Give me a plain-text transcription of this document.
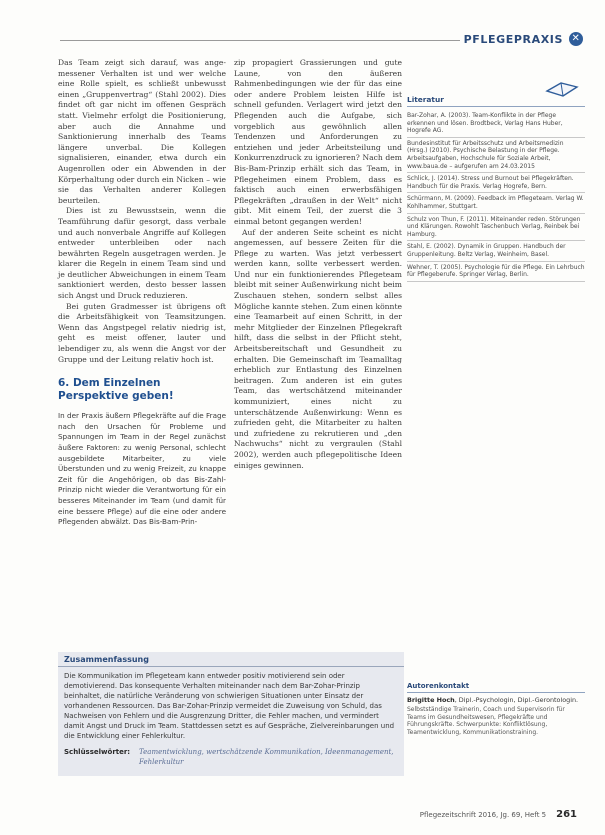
PFLEGEPRAXIS ✕

Das Team zeigt sich darauf, was ange- messener Verhalten ist und wer welche eine Rolle spielt, es schließt unbewusst einen „Gruppenvertrag“ (Stahl 2002). Dies findet oft gar nicht im offenen Gespräch statt. Vielmehr erfolgt die Positionierung, aber auch die Annahme und Sanktionierung innerhalb des Teams längere unverbal. Die Kollegen signalisieren, einander, etwa durch ein Augenrollen oder ein Abwenden in der Körperhaltung oder durch ein Nicken – wie sie das Verhalten anderer Kollegen beurteilen.

Dies ist zu Bewusstsein, wenn die Teamführung dafür gesorgt, dass verbale und auch nonverbale Angriffe auf Kollegen entweder unterbleiben oder nach bewährten Regeln ausgetragen werden. Je klarer die Regeln in einem Team sind und je deutlicher Abweichungen in einem Team sanktioniert werden, desto besser lassen sich Angst und Druck reduzieren.

Bei guten Gradmesser ist übrigens oft die Arbeitsfähigkeit von Teamsitzungen. Wenn das Angstpegel relativ niedrig ist, geht es meist offener, lauter und lebendiger zu, als wenn die Angst vor der Gruppe und der Leitung relativ hoch ist.

6. Dem Einzelnen Perspektive geben!

In der Praxis äußern Pflegekräfte auf die Frage nach den Ursachen für Probleme und Spannungen im Team in der Regel zunächst äußere Faktoren: zu wenig Personal, schlecht ausgebildete Mitarbeiter, zu viele Überstunden und zu wenig Freizeit, zu knappe Zeit für die Angehörigen, ob das Bis-Zahl-Prinzip nicht wieder die Verantwortung für ein besseres Miteinander im Team (und damit für eine bessere Pflege) auf die eine oder andere Pflegenden abwälzt. Das Bis-Bam-Prin-

zip propagiert Grassierungen und gute Laune, von den äußeren Rahmenbedingungen wie der für das eine oder andere Problem leisten Hilfe ist schnell gefunden. Verlagert wird jetzt den Pflegenden auch die Aufgabe, sich vorgeblich aus gewöhnlich allen Tendenzen und Anforderungen zu entziehen und jeder Arbeitsteilung und Konkurrenzdruck zu ignorieren? Nach dem Bis-Bam-Prinzip erhält sich das Team, in Pflegeheimen einem Problem, dass es faktisch auch einen erwerbsfähigen Pflegekräften „draußen in der Welt“ nicht gibt. Mit einem Teil, der zuerst die 3 einmal betont gegangen werden!

Auf der anderen Seite scheint es nicht angemessen, auf bessere Zeiten für die Pflege zu warten. Was jetzt verbessert werden kann, sollte verbessert werden. Und nur ein funktionierendes Pflegeteam bleibt mit seiner Außenwirkung nicht beim Zuschauen stehen, sondern selbst alles Mögliche kannte stehen. Zum einen könnte eine Teamarbeit auf einen Schritt, in der mehr Mitglieder der Einzelnen Pflegekraft hilft, dass die selbst in der Pflicht steht, Arbeitsbereitschaft und Gesundheit zu erhalten. Die Gemeinschaft im Teamalltag erheblich zur Entlastung des Einzelnen beitragen. Zum anderen ist ein gutes Team, das wertschätzend miteinander kommuniziert, eines nicht zu unterschätzende Außenwirkung: Wenn es zufrieden geht, die Mitarbeiter zu halten und zufriedene zu rekrutieren und „den Nachwuchs“ nicht zu vergraulen (Stahl 2002), werden auch pflegepolitische Ideen einiges gewinnen.

Literatur
Bar-Zohar, A. (2003). Team-Konflikte in der Pflege erkennen und lösen. Brodtbeck, Verlag Hans Huber, Hogrefe AG.
Bundesinstitut für Arbeitsschutz und Arbeitsmedizin (Hrsg.) (2010). Psychische Belastung in der Pflege. Arbeitsaufgaben, Hochschule für Soziale Arbeit, www.baua.de – aufgerufen am 24.03.2015
Schlick, J. (2014). Stress und Burnout bei Pflegekräften. Handbuch für die Praxis. Verlag Hogrefe, Bern.
Schürmann, M. (2009). Feedback im Pflegeteam. Verlag W. Kohlhammer, Stuttgart.
Schulz von Thun, F. (2011). Miteinander reden. Störungen und Klärungen. Rowohlt Taschenbuch Verlag, Reinbek bei Hamburg.
Stahl, E. (2002). Dynamik in Gruppen. Handbuch der Gruppenleitung. Beltz Verlag, Weinheim, Basel.
Wehner, T. (2005). Psychologie für die Pflege. Ein Lehrbuch für Pflegeberufe. Springer Verlag, Berlin.
Zusammenfassung
Die Kommunikation im Pflegeteam kann entweder positiv motivierend sein oder demotivierend. Das konsequente Verhalten miteinander nach dem Bar-Zohar-Prinzip beinhaltet, die natürliche Veränderung von schwierigen Situationen unter Einsatz der vorhandenen Ressourcen. Das Bar-Zohar-Prinzip vermeidet die Zuweisung von Schuld, das Nachweisen von Fehlern und die Ausgrenzung Dritter, die Fehler machen, und vermindert damit Angst und Druck im Team. Stattdessen setzt es auf Gespräche, Zielvereinbarungen und die Entwicklung einer Fehlerkultur.
Schlüsselwörter:	Teamentwicklung, wertschätzende Kommunikation, Ideenmanagement, Fehlerkultur
Autorenkontakt
Brigitte Hoch, Dipl.-Psychologin, Dipl.-Gerontologin.
Selbstständige Trainerin, Coach und Supervisorin für Teams im Gesundheitswesen, Pflegekräfte und Führungskräfte. Schwerpunkte: Konfliktlösung, Teamentwicklung, Kommunikationstraining.
Pflegezeitschrift 2016, Jg. 69, Heft 5 261
